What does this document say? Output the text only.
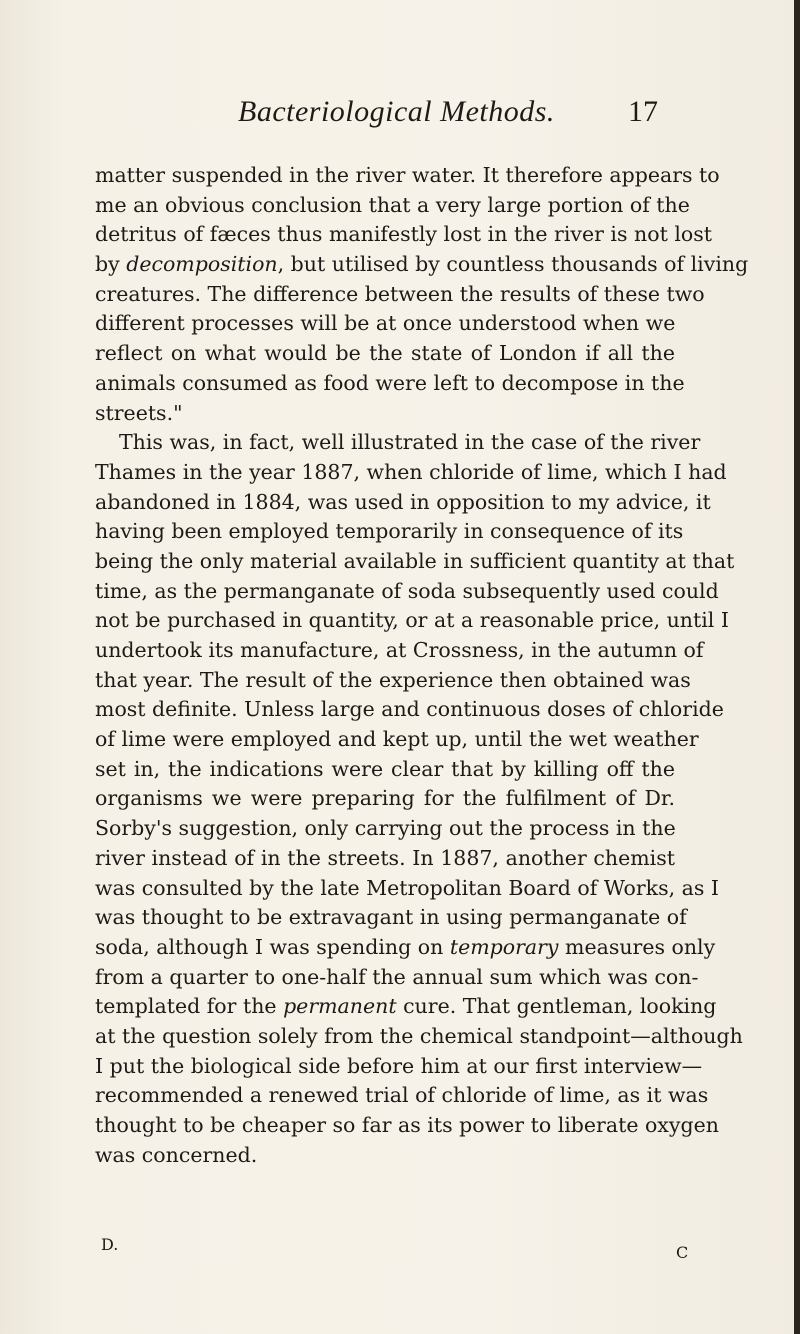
Bacteriological Methods. 17
matter suspended in the river water. It therefore appears to
me an obvious conclusion that a very large portion of the
detritus of fæces thus manifestly lost in the river is not lost
by decomposition, but utilised by countless thousands of living
creatures. The difference between the results of these two
different processes will be at once understood when we
reflect on what would be the state of London if all the
animals consumed as food were left to decompose in the
streets."
This was, in fact, well illustrated in the case of the river
Thames in the year 1887, when chloride of lime, which I had
abandoned in 1884, was used in opposition to my advice, it
having been employed temporarily in consequence of its
being the only material available in sufficient quantity at that
time, as the permanganate of soda subsequently used could
not be purchased in quantity, or at a reasonable price, until I
undertook its manufacture, at Crossness, in the autumn of
that year. The result of the experience then obtained was
most definite. Unless large and continuous doses of chloride
of lime were employed and kept up, until the wet weather
set in, the indications were clear that by killing off the
organisms we were preparing for the fulfilment of Dr.
Sorby's suggestion, only carrying out the process in the
river instead of in the streets. In 1887, another chemist
was consulted by the late Metropolitan Board of Works, as I
was thought to be extravagant in using permanganate of
soda, although I was spending on temporary measures only
from a quarter to one-half the annual sum which was con-
templated for the permanent cure. That gentleman, looking
at the question solely from the chemical standpoint—although
I put the biological side before him at our first interview—
recommended a renewed trial of chloride of lime, as it was
thought to be cheaper so far as its power to liberate oxygen
was concerned.
D.	C
